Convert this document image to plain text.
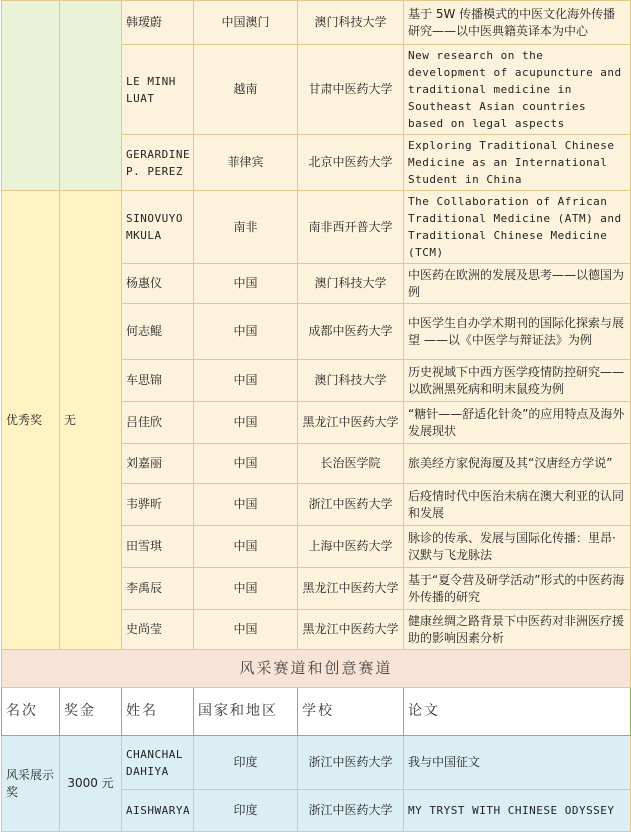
		韩瑷蔚	中国澳门	澳门科技大学	基于 5W 传播模式的中医文化海外传播研究——以中医典籍英译本为中心
		LE MINH LUAT	越南	甘肃中医药大学	New research on the development of acupuncture and traditional medicine in Southeast Asian countries based on legal aspects
		GERARDINE P. PEREZ	菲律宾	北京中医药大学	Exploring Traditional Chinese Medicine as an International Student in China
优秀奖	无	SINOVUYO MKULA	南非	南非西开普大学	The Collaboration of African Traditional Medicine (ATM) and Traditional Chinese Medicine (TCM)
		杨惠仪	中国	澳门科技大学	中医药在欧洲的发展及思考——以德国为例
		何志鲲	中国	成都中医药大学	中医学生自办学术期刊的国际化探索与展望 ——以《中医学与辩证法》为例
		车思锦	中国	澳门科技大学	历史视域下中西方医学疫情防控研究——以欧洲黑死病和明末鼠疫为例
		吕佳欣	中国	黑龙江中医药大学	“糖针——舒适化针灸”的应用特点及海外发展现状
		刘嘉丽	中国	长治医学院	旅美经方家倪海厦及其“汉唐经方学说”
		韦骅昕	中国	浙江中医药大学	后疫情时代中医治未病在澳大利亚的认同和发展
		田雪琪	中国	上海中医药大学	脉诊的传承、发展与国际化传播：里昂·汉默与飞龙脉法
		李禹辰	中国	黑龙江中医药大学	基于“夏令营及研学活动”形式的中医药海外传播的研究
		史尚莹	中国	黑龙江中医药大学	健康丝绸之路背景下中医药对非洲医疗援助的影响因素分析
风采赛道和创意赛道					
名次	奖金	姓名	国家和地区	学校	论文
风采展示奖	3000 元	CHANCHAL DAHIYA	印度	浙江中医药大学	我与中国征文
		AISHWARYA	印度	浙江中医药大学	MY TRYST WITH CHINESE ODYSSEY
